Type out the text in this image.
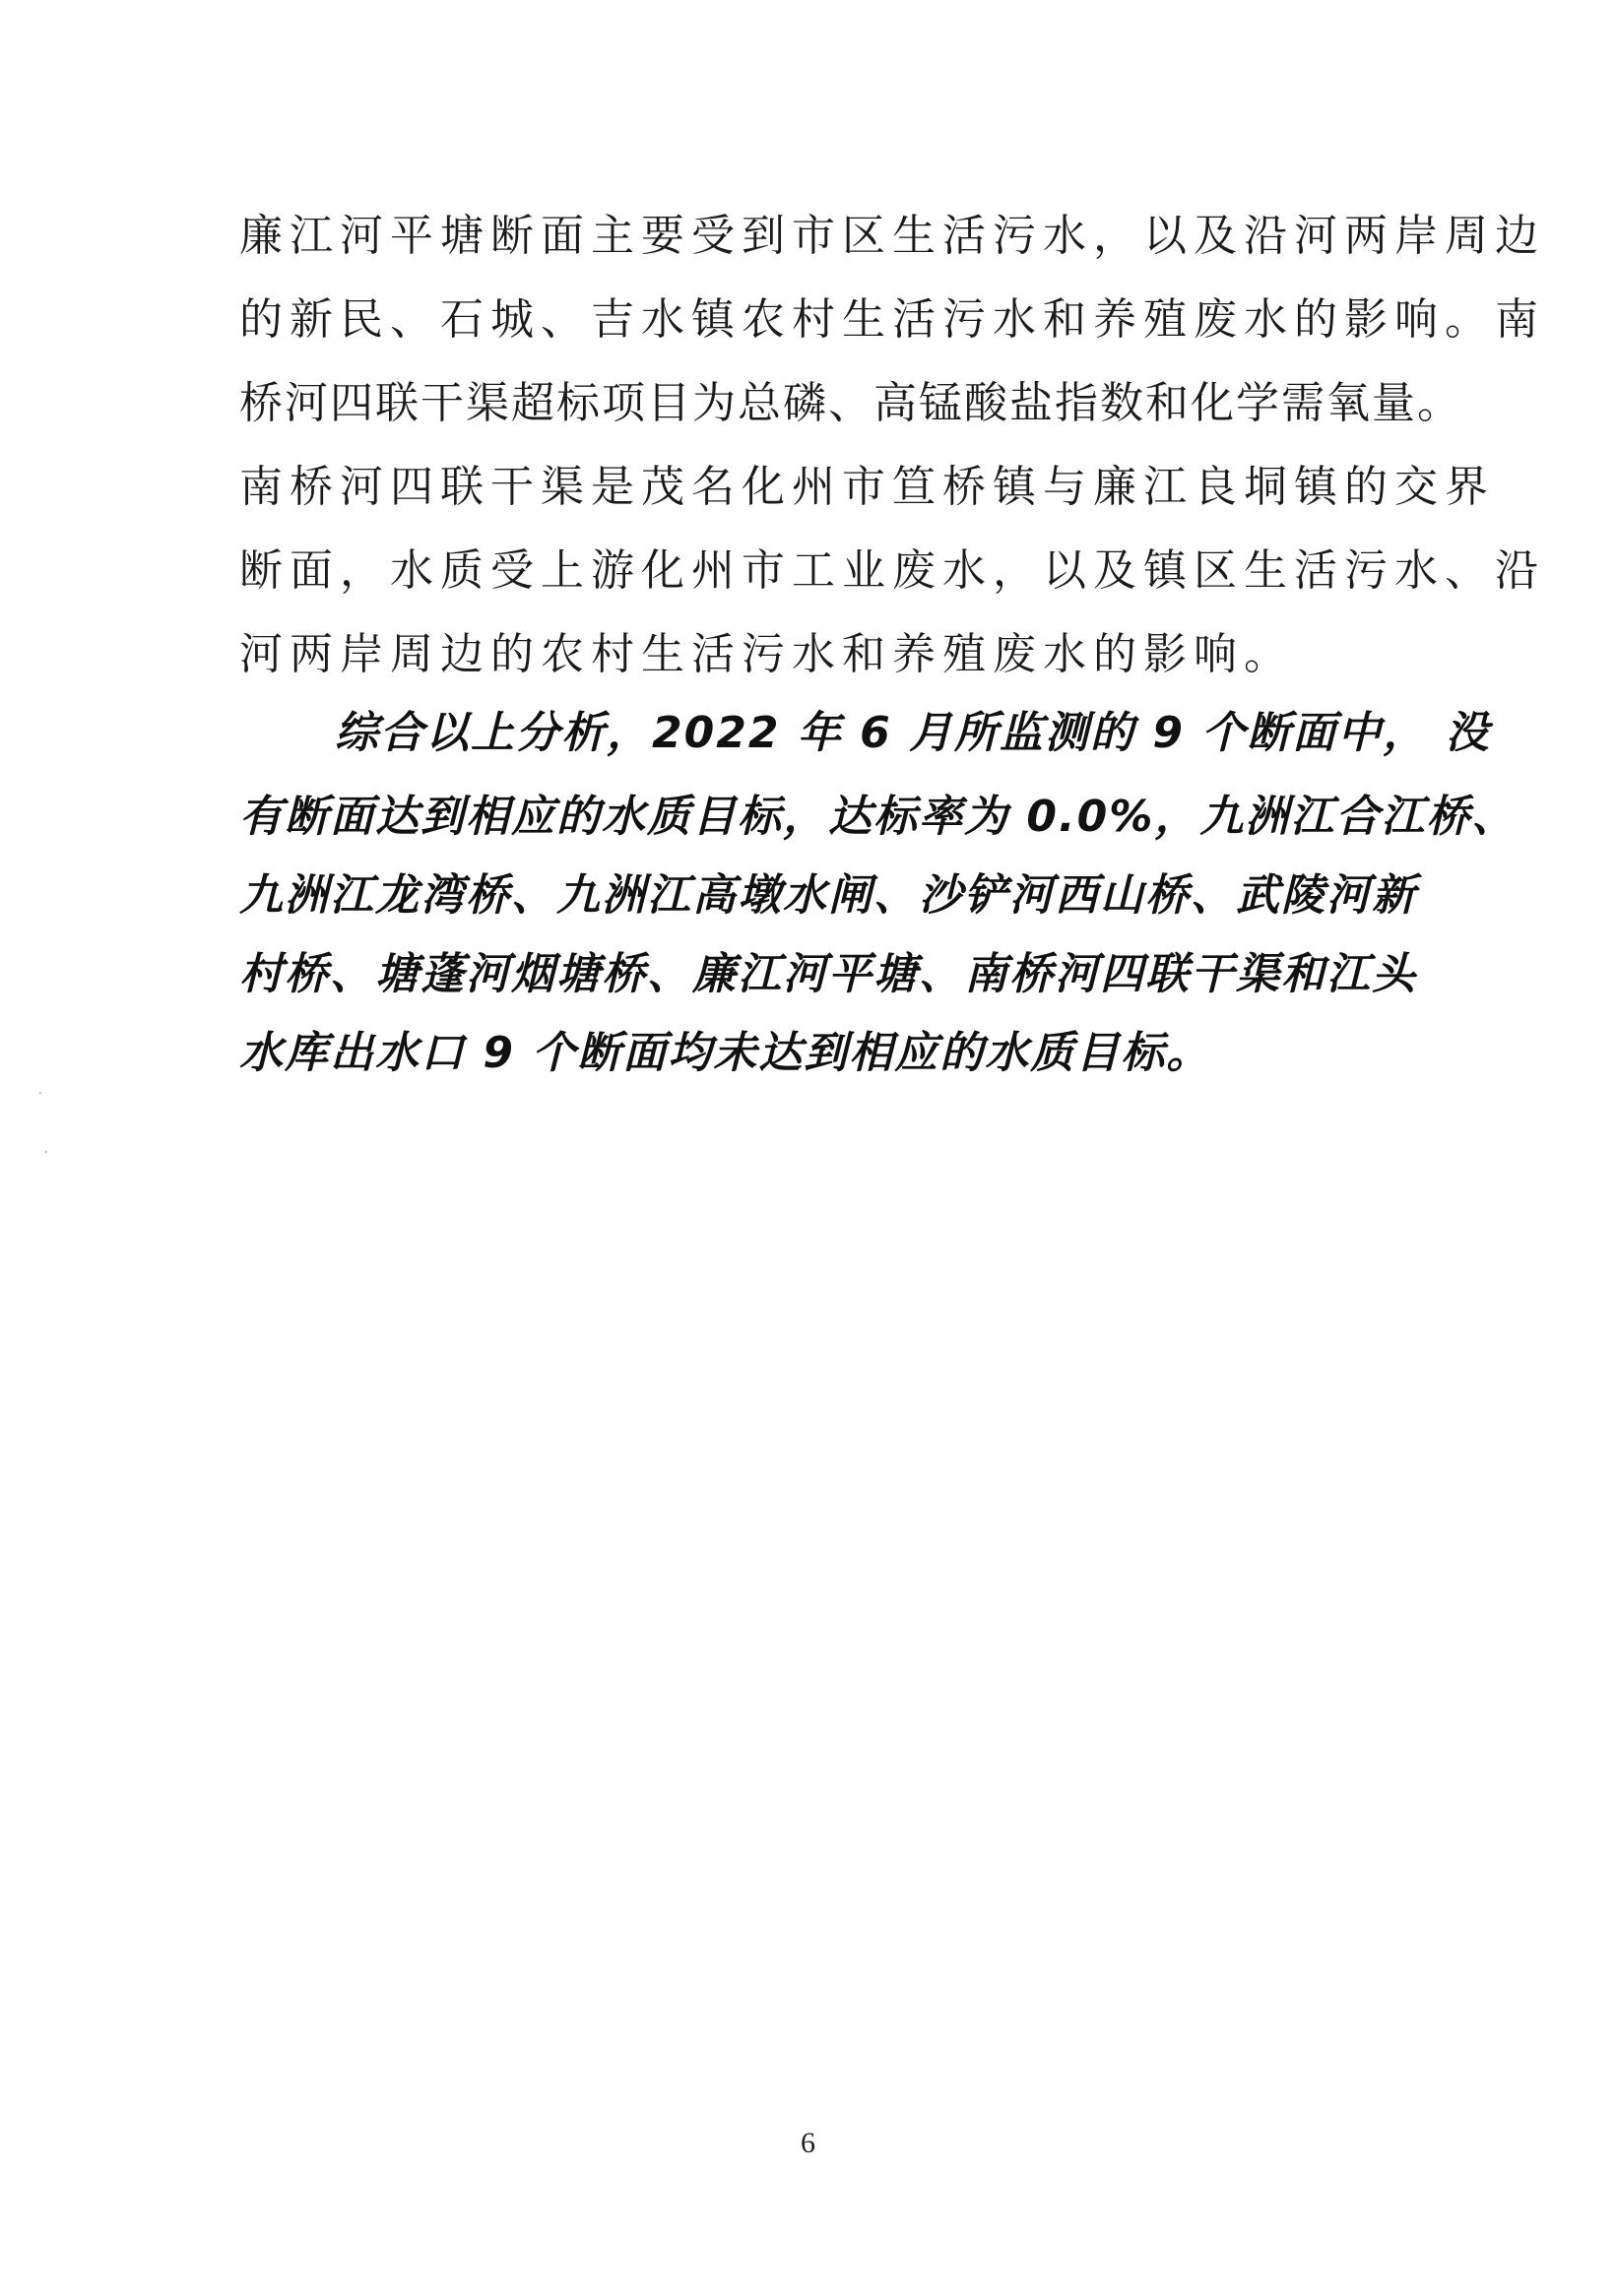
廉江河平塘断面主要受到市区生活污水，以及沿河两岸周边
的新民、石城、吉水镇农村生活污水和养殖废水的影响。南
桥河四联干渠超标项目为总磷、高锰酸盐指数和化学需氧量。
南桥河四联干渠是茂名化州市笪桥镇与廉江良垌镇的交界
断面，水质受上游化州市工业废水，以及镇区生活污水、沿
河两岸周边的农村生活污水和养殖废水的影响。
综合以上分析，2022 年 6 月所监测的 9 个断面中， 没
有断面达到相应的水质目标，达标率为 0.0%，九洲江合江桥、
九洲江龙湾桥、九洲江高墩水闸、沙铲河西山桥、武陵河新
村桥、塘蓬河烟塘桥、廉江河平塘、南桥河四联干渠和江头
水库出水口 9 个断面均未达到相应的水质目标。
·
·
6
